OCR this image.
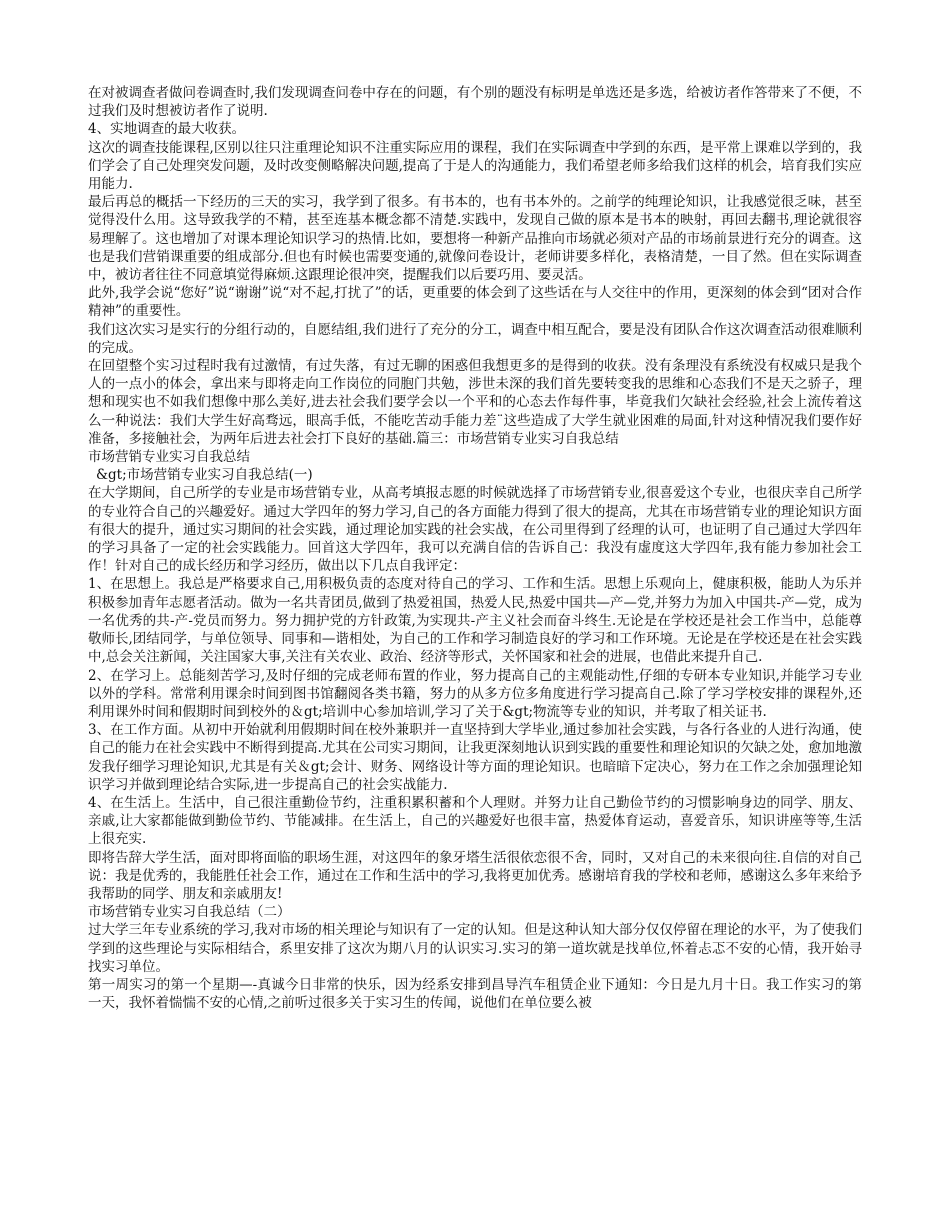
在对被调查者做问卷调查时,我们发现调查问卷中存在的问题，有个别的题没有标明是单选还是多选，给被访者作答带来了不便，不过我们及时想被访者作了说明.

4、实地调查的最大收获。

这次的调查技能课程,区别以往只注重理论知识不注重实际应用的课程，我们在实际调查中学到的东西，是平常上课难以学到的，我们学会了自己处理突发问题，及时改变侧略解决问题,提高了于是人的沟通能力，我们希望老师多给我们这样的机会，培育我们实应用能力.

最后再总的概括一下经历的三天的实习，我学到了很多。有书本的，也有书本外的。之前学的纯理论知识，让我感觉很乏味，甚至觉得没什么用。这导致我学的不精，甚至连基本概念都不清楚.实践中，发现自己做的原本是书本的映射，再回去翻书,理论就很容易理解了。这也增加了对课本理论知识学习的热情.比如，要想将一种新产品推向市场就必须对产品的市场前景进行充分的调查。这也是我们营销课重要的组成部分.但也有时候也需要变通的,就像问卷设计，老师讲要多样化，表格清楚，一目了然。但在实际调查中，被访者往往不同意填觉得麻烦.这跟理论很冲突，提醒我们以后要巧用、要灵活。

此外,我学会说“您好”说“谢谢”说“对不起,打扰了”的话，更重要的体会到了这些话在与人交往中的作用，更深刻的体会到“团对合作精神”的重要性。

我们这次实习是实行的分组行动的，自愿结组,我们进行了充分的分工，调查中相互配合，要是没有团队合作这次调查活动很难顺利的完成。

在回望整个实习过程时我有过激情，有过失落，有过无聊的困惑但我想更多的是得到的收获。没有条理没有系统没有权威只是我个人的一点小的体会，拿出来与即将走向工作岗位的同胞门共勉，涉世未深的我们首先要转变我的思维和心态我们不是天之骄子，理想和现实也不如我们想像中那么美好,进去社会我们要学会以一个平和的心态去作每件事，毕竟我们欠缺社会经验,社会上流传着这么一种说法：我们大学生好高骛远，眼高手低，不能吃苦动手能力差¨这些造成了大学生就业困难的局面,针对这种情况我们要作好准备，多接触社会，为两年后进去社会打下良好的基础.篇三：市场营销专业实习自我总结

市场营销专业实习自我总结

&gt;市场营销专业实习自我总结(一)

在大学期间，自己所学的专业是市场营销专业，从高考填报志愿的时候就选择了市场营销专业,很喜爱这个专业，也很庆幸自己所学的专业符合自己的兴趣爱好。通过大学四年的努力学习,自己的各方面能力得到了很大的提高，尤其在市场营销专业的理论知识方面有很大的提升，通过实习期间的社会实践，通过理论加实践的社会实战，在公司里得到了经理的认可，也证明了自己通过大学四年的学习具备了一定的社会实践能力。回首这大学四年，我可以充满自信的告诉自己：我没有虚度这大学四年,我有能力参加社会工作！针对自己的成长经历和学习经历，做出以下几点自我评定：

1、在思想上。我总是严格要求自己,用积极负责的态度对待自己的学习、工作和生活。思想上乐观向上，健康积极，能助人为乐并积极参加青年志愿者活动。做为一名共青团员,做到了热爱祖国，热爱人民,热爱中国共—产—党,并努力为加入中国共-产—党，成为一名优秀的共-产-党员而努力。努力拥护党的方针政策,为实现共-产主义社会而奋斗终生.无论是在学校还是社会工作当中，总能尊敬师长,团结同学，与单位领导、同事和—谐相处，为自己的工作和学习制造良好的学习和工作环境。无论是在学校还是在社会实践中,总会关注新闻，关注国家大事,关注有关农业、政治、经济等形式，关怀国家和社会的进展，也借此来提升自己.

2、在学习上。总能刻苦学习,及时仔细的完成老师布置的作业，努力提高自己的主观能动性,仔细的专研本专业知识,并能学习专业以外的学科。常常利用课余时间到图书馆翻阅各类书籍，努力的从多方位多角度进行学习提高自己.除了学习学校安排的课程外,还利用课外时间和假期时间到校外的＆gt;培训中心参加培训,学习了关于&gt;物流等专业的知识，并考取了相关证书.

3、在工作方面。从初中开始就利用假期时间在校外兼职并一直坚持到大学毕业,通过参加社会实践，与各行各业的人进行沟通，使自己的能力在社会实践中不断得到提高.尤其在公司实习期间，让我更深刻地认识到实践的重要性和理论知识的欠缺之处，愈加地激发我仔细学习理论知识,尤其是有关＆gt;会计、财务、网络设计等方面的理论知识。也暗暗下定决心，努力在工作之余加强理论知识学习并做到理论结合实际,进一步提高自己的社会实战能力.

4、在生活上。生活中，自己很注重勤俭节约，注重积累积蓄和个人理财。并努力让自己勤俭节约的习惯影响身边的同学、朋友、亲戚,让大家都能做到勤俭节约、节能减排。在生活上，自己的兴趣爱好也很丰富，热爱体育运动，喜爱音乐，知识讲座等等,生活上很充实.

即将告辞大学生活，面对即将面临的职场生涯，对这四年的象牙塔生活很依恋很不舍，同时，又对自己的未来很向往.自信的对自己说：我是优秀的，我能胜任社会工作，通过在工作和生活中的学习,我将更加优秀。感谢培育我的学校和老师，感谢这么多年来给予我帮助的同学、朋友和亲戚朋友!

市场营销专业实习自我总结（二）

过大学三年专业系统的学习,我对市场的相关理论与知识有了一定的认知。但是这种认知大部分仅仅停留在理论的水平，为了使我们学到的这些理论与实际相结合，系里安排了这次为期八月的认识实习.实习的第一道坎就是找单位,怀着忐忑不安的心情，我开始寻找实习单位。

第一周实习的第一个星期—-真诚今日非常的快乐，因为经系安排到昌导汽车租赁企业下通知：今日是九月十日。我工作实习的第一天，我怀着惴惴不安的心情,之前听过很多关于实习生的传闻，说他们在单位要么被
